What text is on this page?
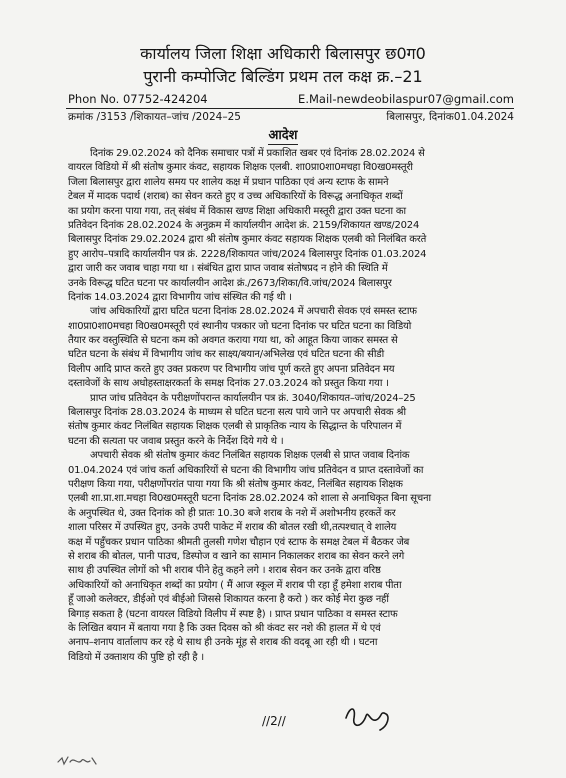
कार्यालय जिला शिक्षा अधिकारी बिलासपुर छ0ग0
पुरानी कम्पोजिट बिल्डिंग प्रथम तल कक्ष क्र.–21
Phon No. 07752-424204	E.Mail-newdeobilaspur07@gmail.com
क्रमांक /3153 /शिकायत–जांच /2024–25	बिलासपुर, दिनांक01.04.2024
आदेश
दिनांक 29.02.2024 को दैनिक समाचार पत्रों में प्रकाशित खबर एवं दिनांक 28.02.2024 से
वायरल विडियो में श्री संतोष कुमार कंवट, सहायक शिक्षक एलबी. शा0प्रा0शा0मचहा वि0ख0मस्तूरी
जिला बिलासपुर द्वारा शालेय समय पर शालेय कक्ष में प्रधान पाठिका एवं अन्य स्टाफ के सामने
टेबल में मादक पदार्थ (शराब) का सेवन करते हुए व उच्च अधिकारियों के विरूद्ध अनाधिकृत शब्दों
का प्रयोग करना पाया गया, तत् संबंध में विकास खण्ड शिक्षा अधिकारी मस्तूरी द्वारा उक्त घटना का
प्रतिवेदन दिनांक 28.02.2024 के अनुक्रम में कार्यालयीन आदेश क्रं. 2159/शिकायत खण्ड/2024
बिलासपुर दिनांक 29.02.2024 द्वारा श्री संतोष कुमार कंवट सहायक शिक्षक एलबी को निलंबित करते
हुए आरोप–पत्रादि कार्यालयीन पत्र क्रं. 2228/शिकायत जांच/2024 बिलासपुर दिनांक 01.03.2024
द्वारा जारी कर जवाब चाहा गया था । संबंधित द्वारा प्राप्त जवाब संतोषप्रद न होने की स्थिति में
उनके विरूद्ध घटित घटना पर कार्यालयीन आदेश क्रं./2673/शिका/वि.जांच/2024 बिलासपुर
दिनांक 14.03.2024 द्वारा विभागीय जांच संस्थित की गई थी ।
जांच अधिकारियों द्वारा घटित घटना दिनांक 28.02.2024 में अपचारी सेवक एवं समस्त स्टाफ
शा0प्रा0शा0मचहा वि0ख0मस्तूरी एवं स्थानीय पत्रकार जो घटना दिनांक पर घटित घटना का विडियो
तैयार कर वस्तुस्थिति से घटना कम को अवगत कराया गया था, को आहूत किया जाकर समस्त से
घटित घटना के संबंध में विभागीय जांच कर साक्ष्य/बयान/अभिलेख एवं घटित घटना की सीडी
विलीप आदि प्राप्त करते हुए उक्त प्रकरण पर विभागीय जांच पूर्ण करते हुए अपना प्रतिवेदन मय
दस्तावेजों के साथ अधोहस्ताक्षरकर्ता के समक्ष दिनांक 27.03.2024 को प्रस्तुत किया गया ।
प्राप्त जांच प्रतिवेदन के परीक्षणोंपरान्त कार्यालयीन पत्र क्रं. 3040/शिकायत–जांच/2024–25
बिलासपुर दिनांक 28.03.2024 के माध्यम से घटित घटना सत्य पाये जाने पर अपचारी सेवक श्री
संतोष कुमार कंवट निलंबित सहायक शिक्षक एलबी से प्राकृतिक न्याय के सिद्धान्त के परिपालन में
घटना की सत्यता पर जवाब प्रस्तुत करने के निर्देश दिये गये थे ।
अपचारी सेवक श्री संतोष कुमार कंवट निलंबित सहायक शिक्षक एलबी से प्राप्त जवाब दिनांक
01.04.2024 एवं जांच कर्ता अधिकारियों से घटना की विभागीय जांच प्रतिवेदन व प्राप्त दस्तावेजों का
परीक्षण किया गया, परीक्षणोंपरांत पाया गया कि श्री संतोष कुमार कंवट, निलंबित सहायक शिक्षक
एलबी शा.प्रा.शा.मचहा वि0ख0मस्तूरी घटना दिनांक 28.02.2024 को शाला से अनाधिकृत बिना सूचना
के अनुपस्थित थे, उक्त दिनांक को ही प्रातः 10.30 बजे शराब के नशे में अशोभनीय हरकतें कर
शाला परिसर में उपस्थित हुए, उनके उपरी पाकेट में शराब की बोतल रखी थी,तत्पश्चात् वे शालेय
कक्ष में पहुँचकर प्रधान पाठिका श्रीमती तुलसी गणेश चौहान एवं स्टाफ के समक्ष टेबल में बैठकर जेब
से शराब की बोतल, पानी पाउच, डिस्पोज व खाने का सामान निकालकर शराब का सेवन करने लगे
साथ ही उपस्थित लोगों को भी शराब पीने हेतु कहने लगे । शराब सेवन कर उनके द्वारा वरिष्ठ
अधिकारियों को अनाधिकृत शब्दों का प्रयोग ( मैं आज स्कूल में शराब पी रहा हूँ हमेशा शराब पीता
हूँ जाओ कलेक्टर, डीईओ एवं बीईओ जिससे शिकायत करना है करो ) कर कोई मेरा कुछ नहीं
बिगाड़ सकता है (घटना वायरल विडियो विलीप में स्पष्ट है) । प्राप्त प्रधान पाठिका व समस्त स्टाफ
के लिखित बयान में बताया गया है कि उक्त दिवस को श्री कंवट सर नशे की हालत में थे एवं
अनाप–शनाप वार्तालाप कर रहे थे साथ ही उनके मूंह से शराब की वदबू आ रही थी । घटना
विडियो में उक्ताशय की पुष्टि हो रही है ।
//2//
